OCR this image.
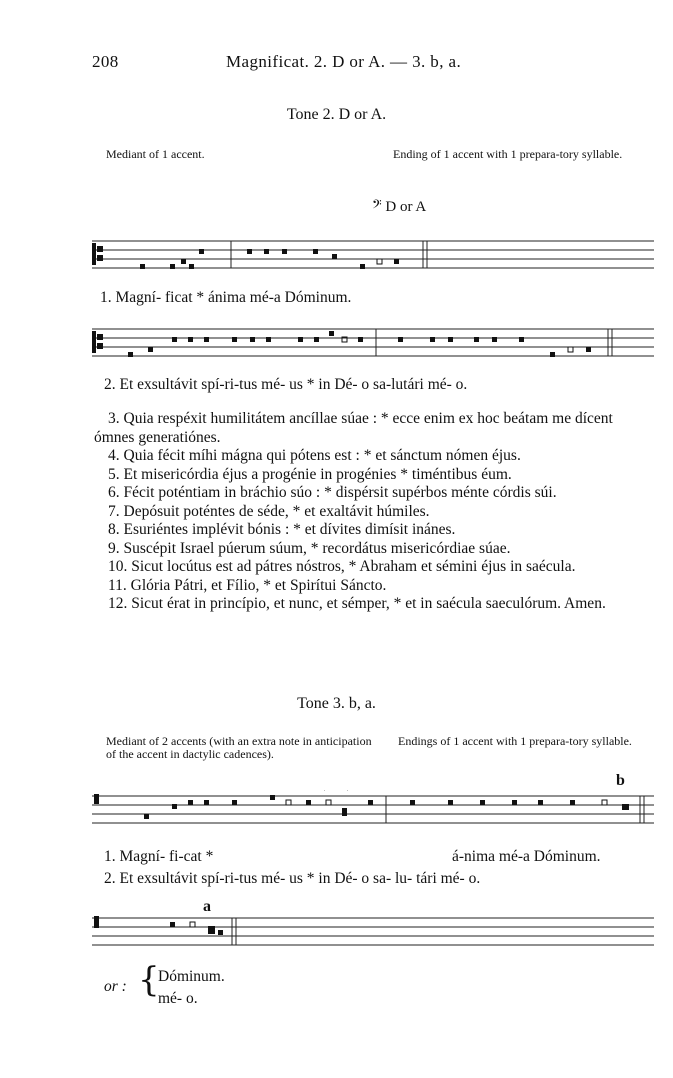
208	Magnificat. 2. D or A. — 3. b, a.
Tone 2. D or A.
Mediant of 1 accent.	Ending of 1 accent with 1 prepara-tory syllable.
𝄢 D or A
1. Magní- ficat * ánima mé-a Dóminum.
2. Et exsultávit spí-ri-tus mé- us * in Dé- o sa-lutári mé- o.
3. Quia respéxit humilitátem ancíllae súae : * ecce enim ex hoc beátam me dícent ómnes generatiónes.
4. Quia fécit míhi mágna qui pótens est : * et sánctum nómen éjus.
5. Et misericórdia éjus a progénie in progénies * timéntibus éum.
6. Fécit poténtiam in bráchio súo : * dispérsit supérbos ménte córdis súi.
7. Depósuit poténtes de séde, * et exaltávit húmiles.
8. Esuriéntes implévit bónis : * et dívites dimísit inánes.
9. Suscépit Israel púerum súum, * recordátus misericórdiae súae.
10. Sicut locútus est ad pátres nóstros, * Abraham et sémini éjus in saécula.
11. Glória Pátri, et Fílio, * et Spirítui Sáncto.
12. Sicut érat in princípio, et nunc, et sémper, * et in saécula saeculórum. Amen.
Tone 3. b, a.
Mediant of 2 accents (with an extra note in anticipation of the accent in dactylic cadences).
Endings of 1 accent with 1 prepara-tory syllable.
b
1. Magní- fi-cat *	á-nima mé-a Dóminum.
2. Et exsultávit spí-ri-tus mé- us * in Dé- o sa- lu- tári mé- o.
a
or : {
Dóminum.
mé- o.
